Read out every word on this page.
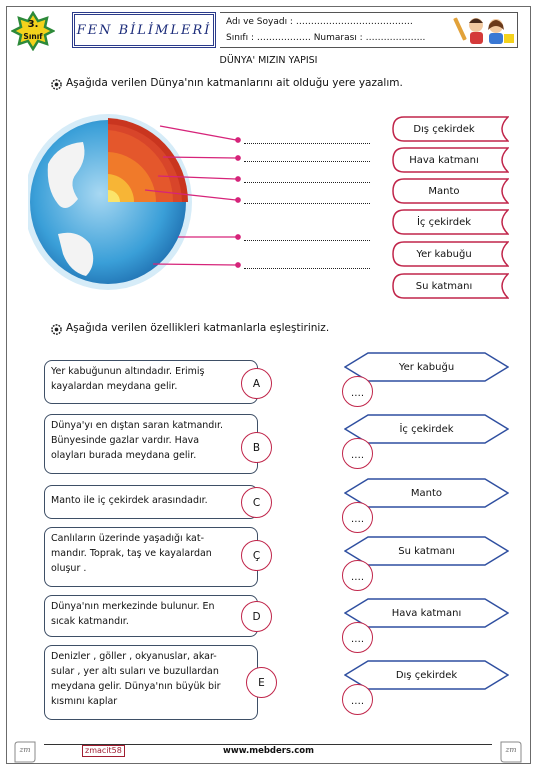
3.
Sınıf	FEN BİLİMLERİ
Adı ve Soyadı : …………………………………
Sınıfı : ……………… Numarası : ………………..
DÜNYA' MIZIN YAPISI
Aşağıda verilen Dünya'nın katmanlarını ait olduğu yere yazalım.
Dış çekirdek
Hava katmanı
Manto
İç çekirdek
Yer kabuğu
Su katmanı
Aşağıda verilen özellikleri katmanlarla eşleştiriniz.
Yer kabuğunun altındadır. Erimiş
kayalardan meydana gelir.	A
Dünya'yı en dıştan saran katmandır.
Bünyesinde gazlar vardır. Hava
olayları burada meydana gelir.
B
Manto ile iç çekirdek arasındadır.	C
Canlıların üzerinde yaşadığı kat-
mandır. Toprak, taş ve kayalardan
oluşur .
Ç
Dünya'nın merkezinde bulunur. En
sıcak katmandır.	D
Denizler , göller , okyanuslar, akar-
sular , yer altı suları ve buzullardan
meydana gelir. Dünya'nın büyük bir
kısmını kaplar
E
Yer kabuğu
….
İç çekirdek
….
Manto
….
Su katmanı
….
Hava katmanı
….
Dış çekirdek
….
zmacit58	www.mebders.com
zm	zm
